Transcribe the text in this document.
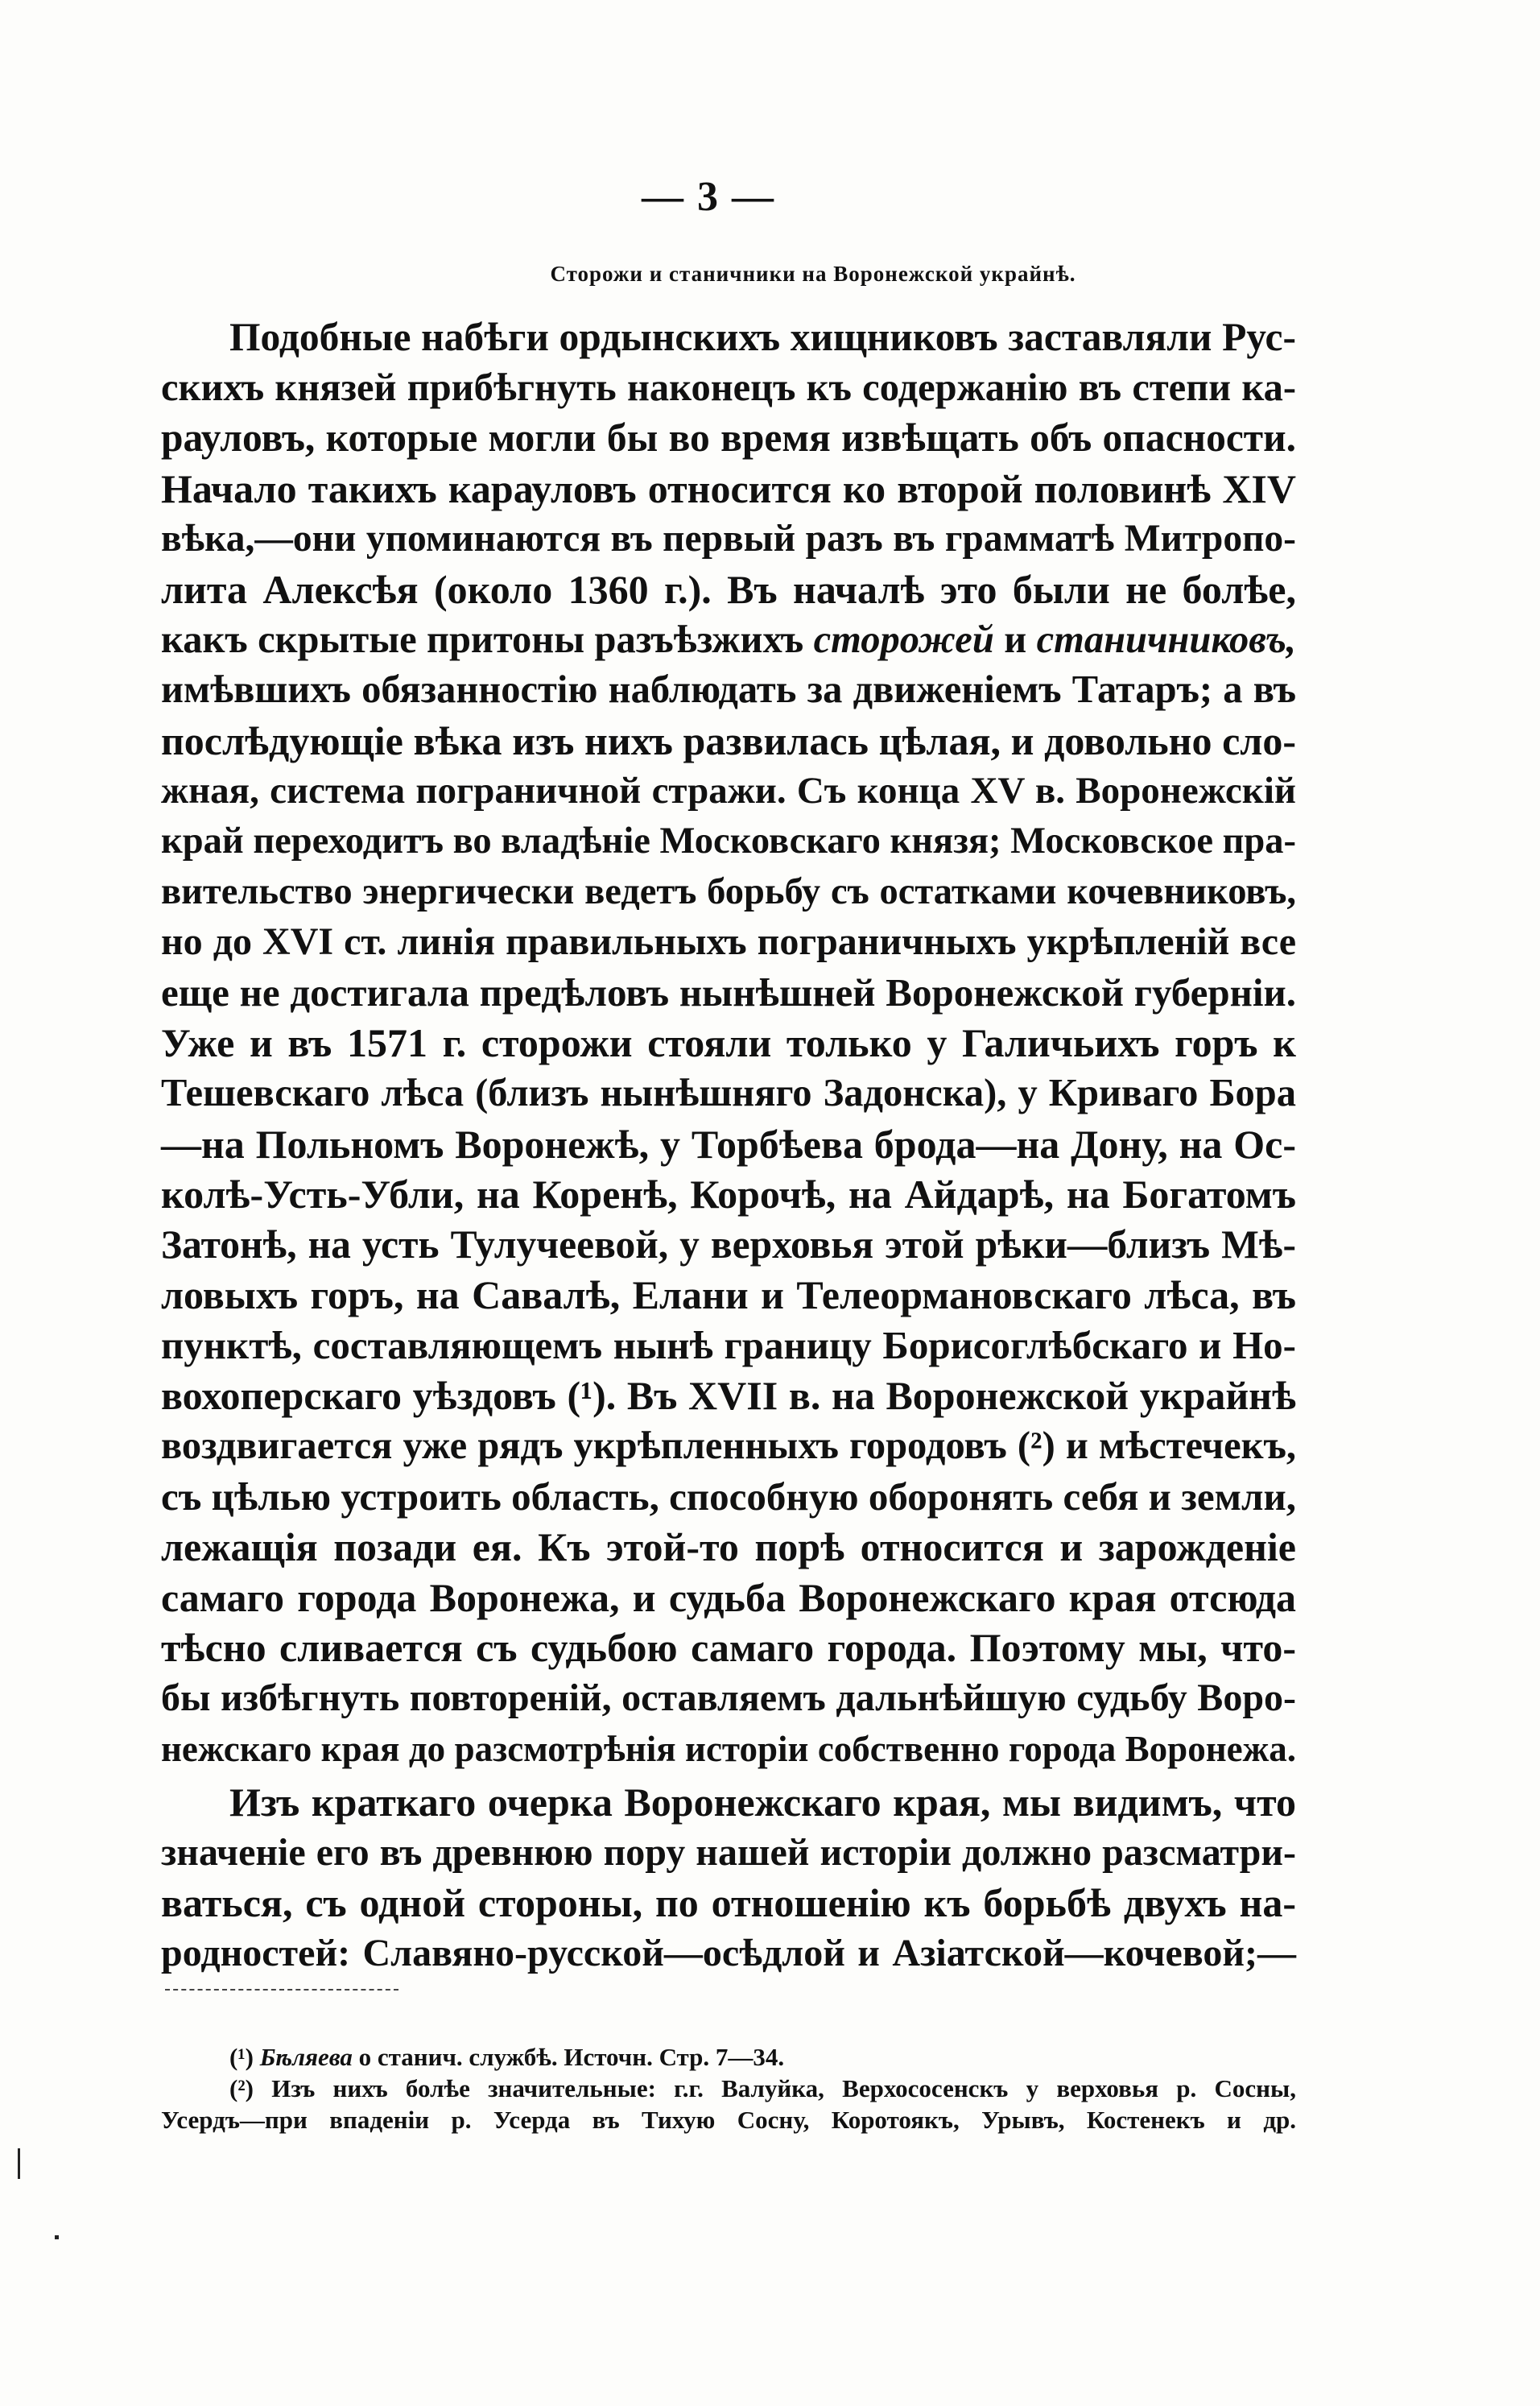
— 3 —
Сторожи и станичники на Воронежской украйнѣ.
Подобные набѣги ордынскихъ хищниковъ заставляли Рус-
скихъ князей прибѣгнуть наконецъ къ содержанію въ степи ка-
рауловъ, которые могли бы во время извѣщать объ опасности.
Начало такихъ карауловъ относится ко второй половинѣ XIV
вѣка,—они упоминаются въ первый разъ въ грамматѣ Митропо-
лита Алексѣя (около 1360 г.). Въ началѣ это были не болѣе,
какъ скрытые притоны разъѣзжихъ сторожей и станичниковъ,
имѣвшихъ обязанностію наблюдать за движеніемъ Татаръ; а въ
послѣдующіе вѣка изъ нихъ развилась цѣлая, и довольно сло-
жная, система пограничной стражи. Съ конца XV в. Воронежскій
край переходитъ во владѣніе Московскаго князя; Московское пра-
вительство энергически ведетъ борьбу съ остатками кочевниковъ,
но до XVI ст. линія правильныхъ пограничныхъ укрѣпленій все
еще не достигала предѣловъ нынѣшней Воронежской губерніи.
Уже и въ 1571 г. сторожи стояли только у Галичьихъ горъ к
Тешевскаго лѣса (близъ нынѣшняго Задонска), у Криваго Бора
—на Польномъ Воронежѣ, у Торбѣева брода—на Дону, на Ос-
колѣ-Усть-Убли, на Коренѣ, Корочѣ, на Айдарѣ, на Богатомъ
Затонѣ, на усть Тулучеевой, у верховья этой рѣки—близъ Мѣ-
ловыхъ горъ, на Савалѣ, Елани и Телеормановскаго лѣса, въ
пунктѣ, составляющемъ нынѣ границу Борисоглѣбскаго и Но-
вохоперскаго уѣздовъ (¹). Въ XVII в. на Воронежской украйнѣ
воздвигается уже рядъ укрѣпленныхъ городовъ (²) и мѣстечекъ,
съ цѣлью устроить область, способную оборонять себя и земли,
лежащія позади ея. Къ этой-то порѣ относится и зарожденіе
самаго города Воронежа, и судьба Воронежскаго края отсюда
тѣсно сливается съ судьбою самаго города. Поэтому мы, что-
бы избѣгнуть повтореній, оставляемъ дальнѣйшую судьбу Воро-
нежскаго края до разсмотрѣнія исторіи собственно города Воронежа.
Изъ краткаго очерка Воронежскаго края, мы видимъ, что
значеніе его въ древнюю пору нашей исторіи должно разсматри-
ваться, съ одной стороны, по отношенію къ борьбѣ двухъ на-
родностей: Славяно-русской—осѣдлой и Азіатской—кочевой;—
(¹) Бѣляева о станич. службѣ. Источн. Стр. 7—34.
(²) Изъ нихъ болѣе значительные: г.г. Валуйка, Верхососенскъ у верховья р. Сосны,
Усердъ—при впаденіи р. Усерда въ Тихую Сосну, Коротоякъ, Урывъ, Костенекъ и др.
